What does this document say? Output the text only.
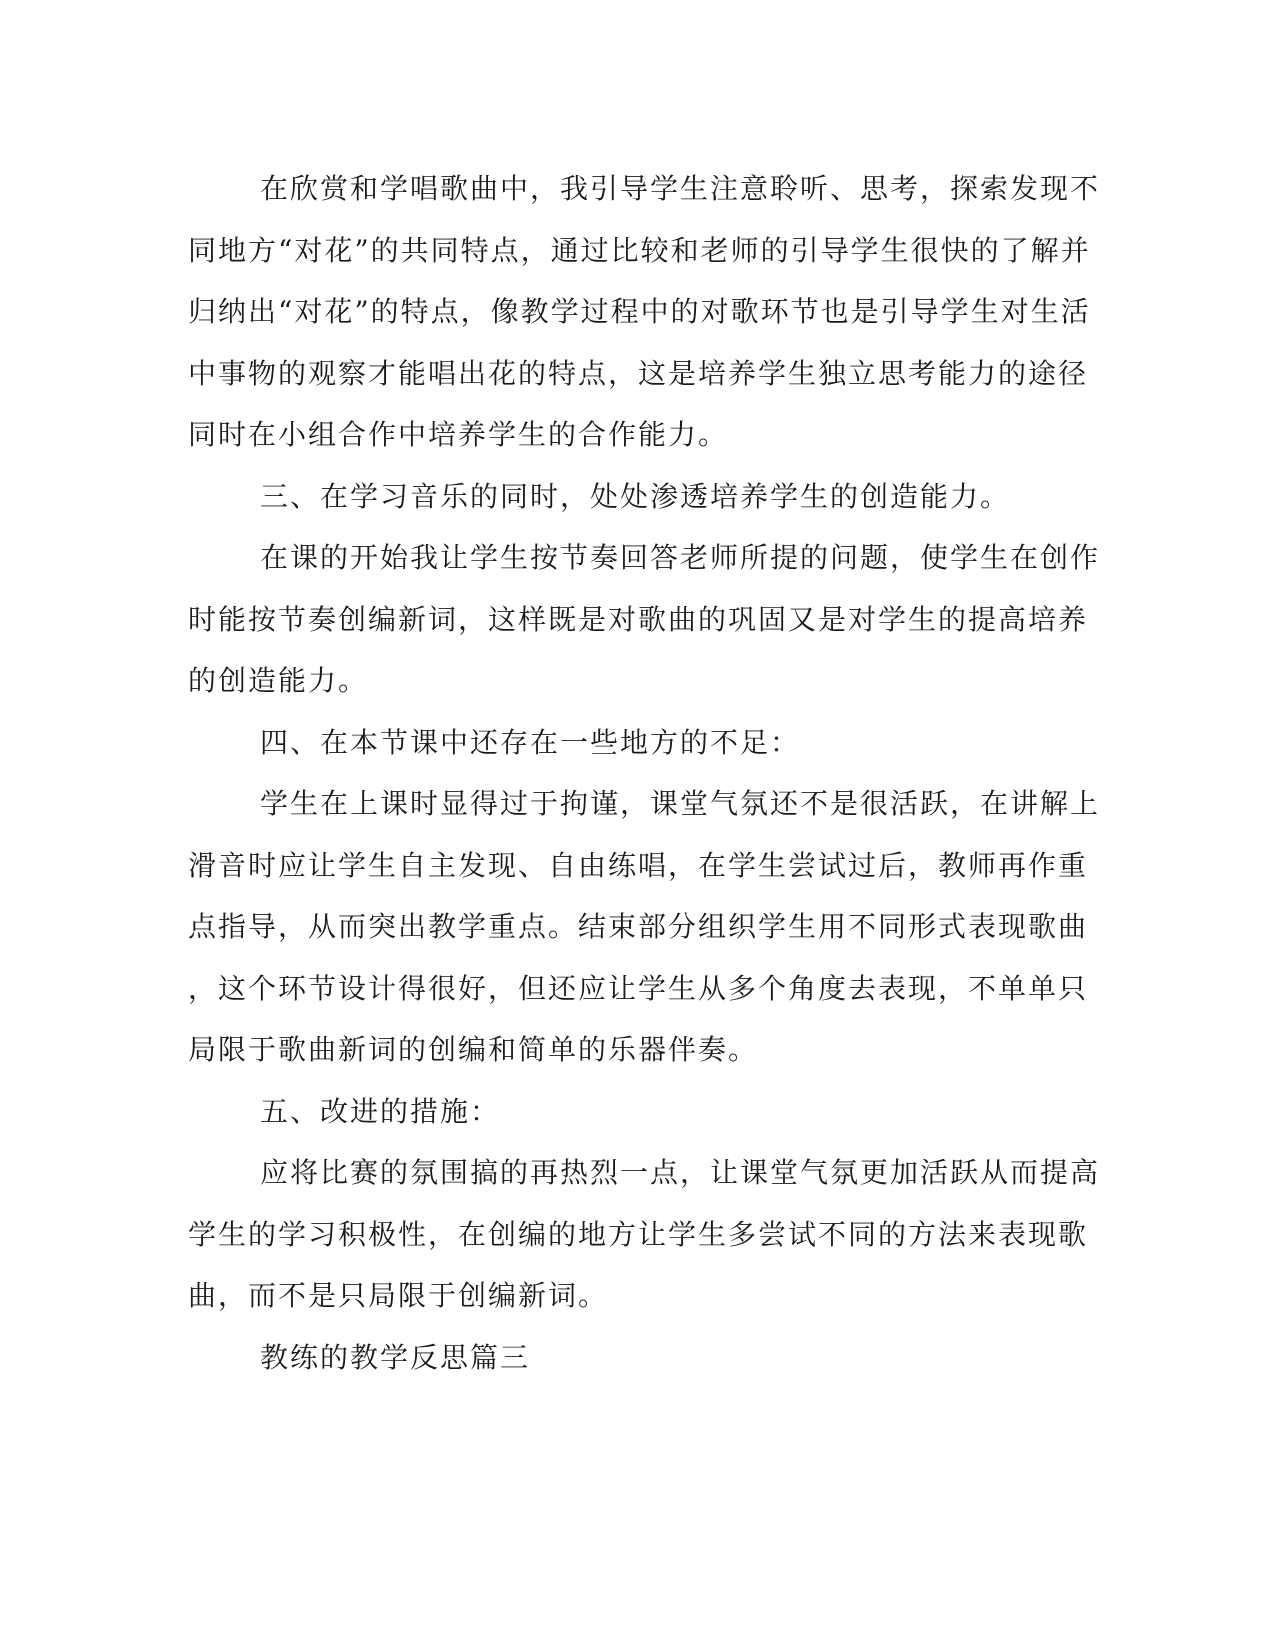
在欣赏和学唱歌曲中，我引导学生注意聆听、思考，探索发现不
同地方“对花”的共同特点，通过比较和老师的引导学生很快的了解并
归纳出“对花”的特点，像教学过程中的对歌环节也是引导学生对生活
中事物的观察才能唱出花的特点，这是培养学生独立思考能力的途径
同时在小组合作中培养学生的合作能力。
三、在学习音乐的同时，处处渗透培养学生的创造能力。
在课的开始我让学生按节奏回答老师所提的问题，使学生在创作
时能按节奏创编新词，这样既是对歌曲的巩固又是对学生的提高培养
的创造能力。
四、在本节课中还存在一些地方的不足：
学生在上课时显得过于拘谨，课堂气氛还不是很活跃，在讲解上
滑音时应让学生自主发现、自由练唱，在学生尝试过后，教师再作重
点指导，从而突出教学重点。结束部分组织学生用不同形式表现歌曲
，这个环节设计得很好，但还应让学生从多个角度去表现，不单单只
局限于歌曲新词的创编和简单的乐器伴奏。
五、改进的措施：
应将比赛的氛围搞的再热烈一点，让课堂气氛更加活跃从而提高
学生的学习积极性，在创编的地方让学生多尝试不同的方法来表现歌
曲，而不是只局限于创编新词。
教练的教学反思篇三
